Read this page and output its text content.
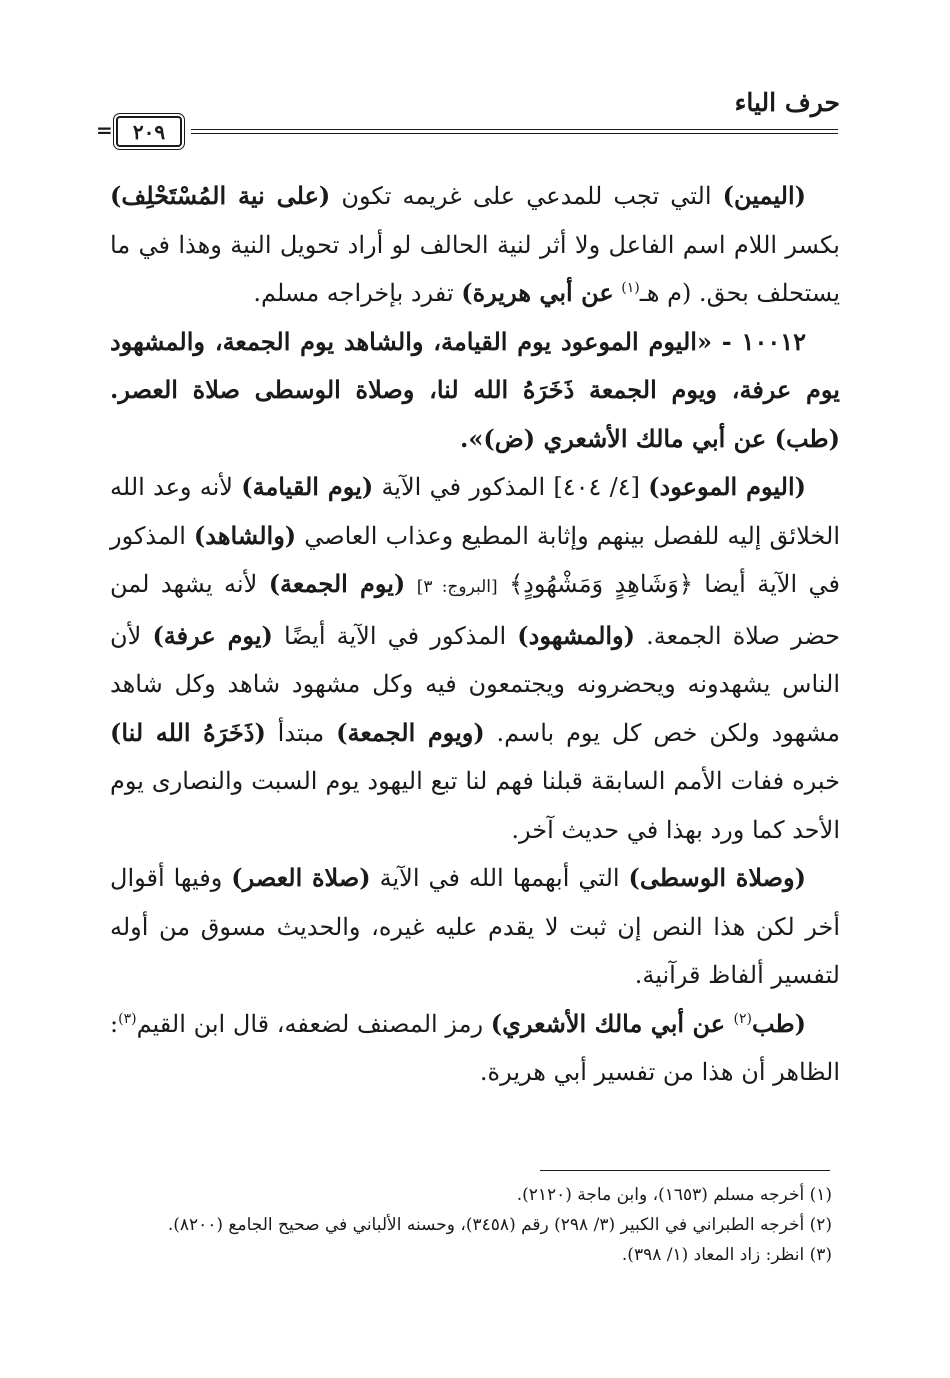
حرف الياء
=	٢٠٩

(اليمين) التي تجب للمدعي على غريمه تكون (على نية المُسْتَحْلِف) بكسر اللام اسم الفاعل ولا أثر لنية الحالف لو أراد تحويل النية وهذا في ما يستحلف بحق. (م هـ$^{(١)}$ عن أبي هريرة) تفرد بإخراجه مسلم.

١٠٠١٢ - «اليوم الموعود يوم القيامة، والشاهد يوم الجمعة، والمشهود يوم عرفة، ويوم الجمعة ذَخَرَهُ الله لنا، وصلاة الوسطى صلاة العصر. (طب) عن أبي مالك الأشعري (ض)».

(اليوم الموعود) [٤/ ٤٠٤] المذكور في الآية (يوم القيامة) لأنه وعد الله الخلائق إليه للفصل بينهم وإثابة المطيع وعذاب العاصي (والشاهد) المذكور في الآية أيضا ﴿وَشَاهِدٍ وَمَشْهُودٍ﴾ [البروج: ٣] (يوم الجمعة) لأنه يشهد لمن حضر صلاة الجمعة. (والمشهود) المذكور في الآية أيضًا (يوم عرفة) لأن الناس يشهدونه ويحضرونه ويجتمعون فيه وكل مشهود شاهد وكل شاهد مشهود ولكن خص كل يوم باسم. (ويوم الجمعة) مبتدأ (ذَخَرَهُ الله لنا) خبره ففات الأمم السابقة قبلنا فهم لنا تبع اليهود يوم السبت والنصارى يوم الأحد كما ورد بهذا في حديث آخر.

(وصلاة الوسطى) التي أبهمها الله في الآية (صلاة العصر) وفيها أقوال أخر لكن هذا النص إن ثبت لا يقدم عليه غيره، والحديث مسوق من أوله لتفسير ألفاظ قرآنية.

(طب$^{(٢)}$ عن أبي مالك الأشعري) رمز المصنف لضعفه، قال ابن القيم$^{(٣)}$: الظاهر أن هذا من تفسير أبي هريرة.

(١) أخرجه مسلم (١٦٥٣)، وابن ماجة (٢١٢٠).
(٢) أخرجه الطبراني في الكبير (٣/ ٢٩٨) رقم (٣٤٥٨)، وحسنه الألباني في صحيح الجامع (٨٢٠٠).
(٣) انظر: زاد المعاد (١/ ٣٩٨).
